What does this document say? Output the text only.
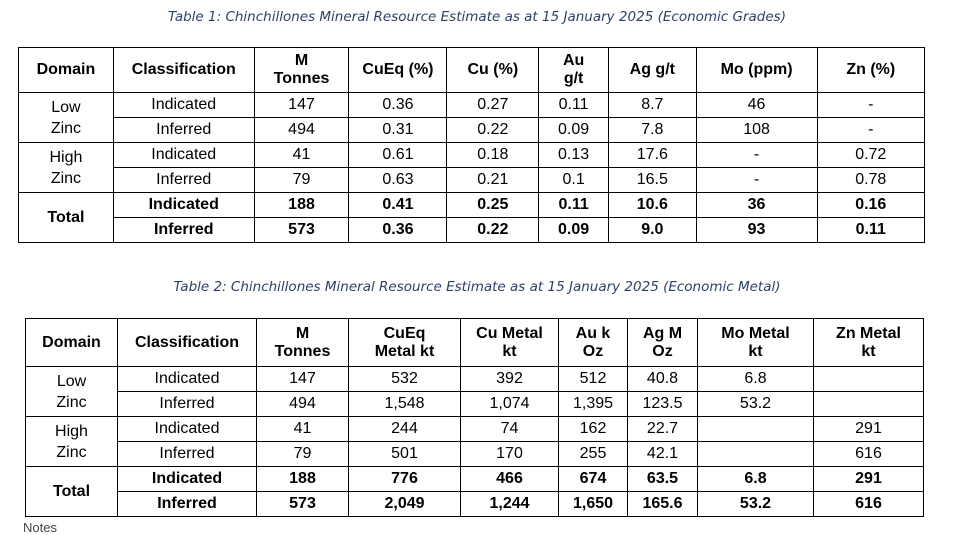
Table 1: Chinchillones Mineral Resource Estimate as at 15 January 2025 (Economic Grades)
Domain	Classification	M Tonnes	CuEq (%)	Cu (%)	Au g/t	Ag g/t	Mo (ppm)	Zn (%)
Low Zinc	Indicated	147	0.36	0.27	0.11	8.7	46	-
	Inferred	494	0.31	0.22	0.09	7.8	108	-
High Zinc	Indicated	41	0.61	0.18	0.13	17.6	-	0.72
	Inferred	79	0.63	0.21	0.1	16.5	-	0.78
Total	Indicated	188	0.41	0.25	0.11	10.6	36	0.16
	Inferred	573	0.36	0.22	0.09	9.0	93	0.11
Table 2: Chinchillones Mineral Resource Estimate as at 15 January 2025 (Economic Metal)
Domain	Classification	M Tonnes	CuEq Metal kt	Cu Metal kt	Au k Oz	Ag M Oz	Mo Metal kt	Zn Metal kt
Low Zinc	Indicated	147	532	392	512	40.8	6.8	
	Inferred	494	1,548	1,074	1,395	123.5	53.2	
High Zinc	Indicated	41	244	74	162	22.7		291
	Inferred	79	501	170	255	42.1		616
Total	Indicated	188	776	466	674	63.5	6.8	291
	Inferred	573	2,049	1,244	1,650	165.6	53.2	616
Notes
